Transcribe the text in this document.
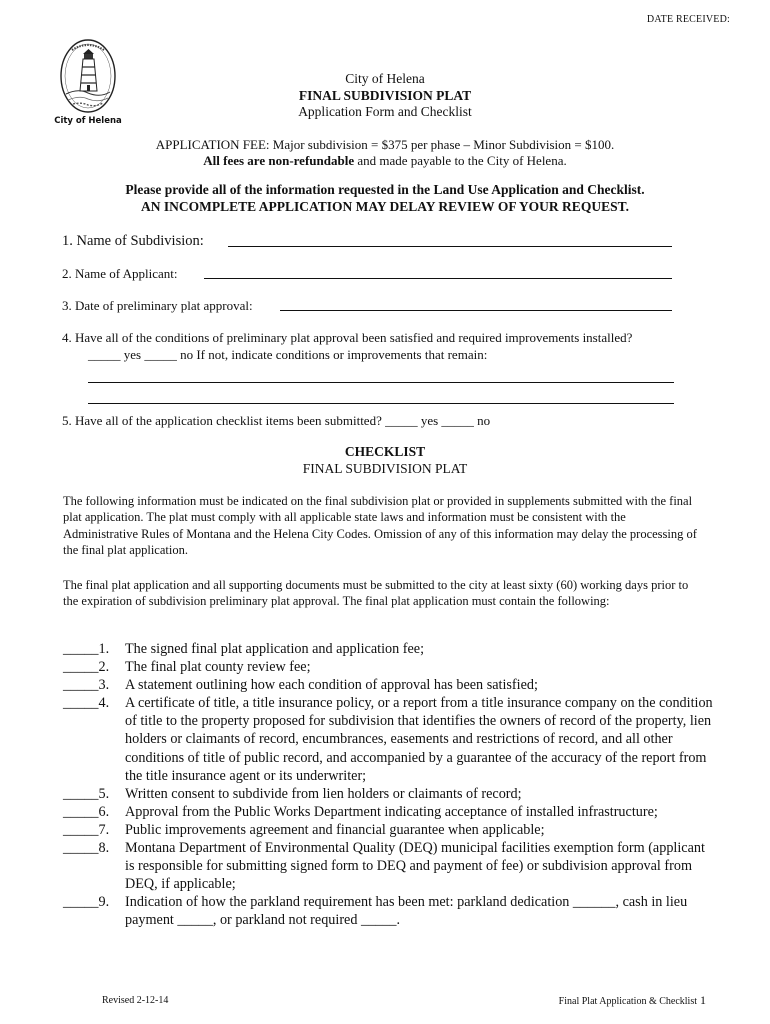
DATE RECEIVED:
City of Helena
City of Helena
FINAL SUBDIVISION PLAT
Application Form and Checklist
APPLICATION FEE: Major subdivision = $375 per phase – Minor Subdivision = $100.
All fees are non-refundable and made payable to the City of Helena.
Please provide all of the information requested in the Land Use Application and Checklist.
AN INCOMPLETE APPLICATION MAY DELAY REVIEW OF YOUR REQUEST.
1. Name of Subdivision:
2. Name of Applicant:
3. Date of preliminary plat approval:
4. Have all of the conditions of preliminary plat approval been satisfied and required improvements installed?
_____ yes _____ no If not, indicate conditions or improvements that remain:
5. Have all of the application checklist items been submitted? _____ yes _____ no
CHECKLIST
FINAL SUBDIVISION PLAT
The following information must be indicated on the final subdivision plat or provided in supplements submitted with the final plat application. The plat must comply with all applicable state laws and information must be consistent with the Administrative Rules of Montana and the Helena City Codes. Omission of any of this information may delay the processing of the final plat application.
The final plat application and all supporting documents must be submitted to the city at least sixty (60) working days prior to the expiration of subdivision preliminary plat approval. The final plat application must contain the following:
_____1.	The signed final plat application and application fee;
_____2.	The final plat county review fee;
_____3.	A statement outlining how each condition of approval has been satisfied;
_____4.	A certificate of title, a title insurance policy, or a report from a title insurance company on the condition of title to the property proposed for subdivision that identifies the owners of record of the property, lien holders or claimants of record, encumbrances, easements and restrictions of record, and all other conditions of title of public record, and accompanied by a guarantee of the accuracy of the report from the title insurance agent or its underwriter;
_____5.	Written consent to subdivide from lien holders or claimants of record;
_____6.	Approval from the Public Works Department indicating acceptance of installed infrastructure;
_____7.	Public improvements agreement and financial guarantee when applicable;
_____8.	Montana Department of Environmental Quality (DEQ) municipal facilities exemption form (applicant is responsible for submitting signed form to DEQ and payment of fee) or subdivision approval from DEQ, if applicable;
_____9.	Indication of how the parkland requirement has been met: parkland dedication ______, cash in lieu payment _____, or parkland not required _____.
Revised 2-12-14	Final Plat Application & Checklist 1
